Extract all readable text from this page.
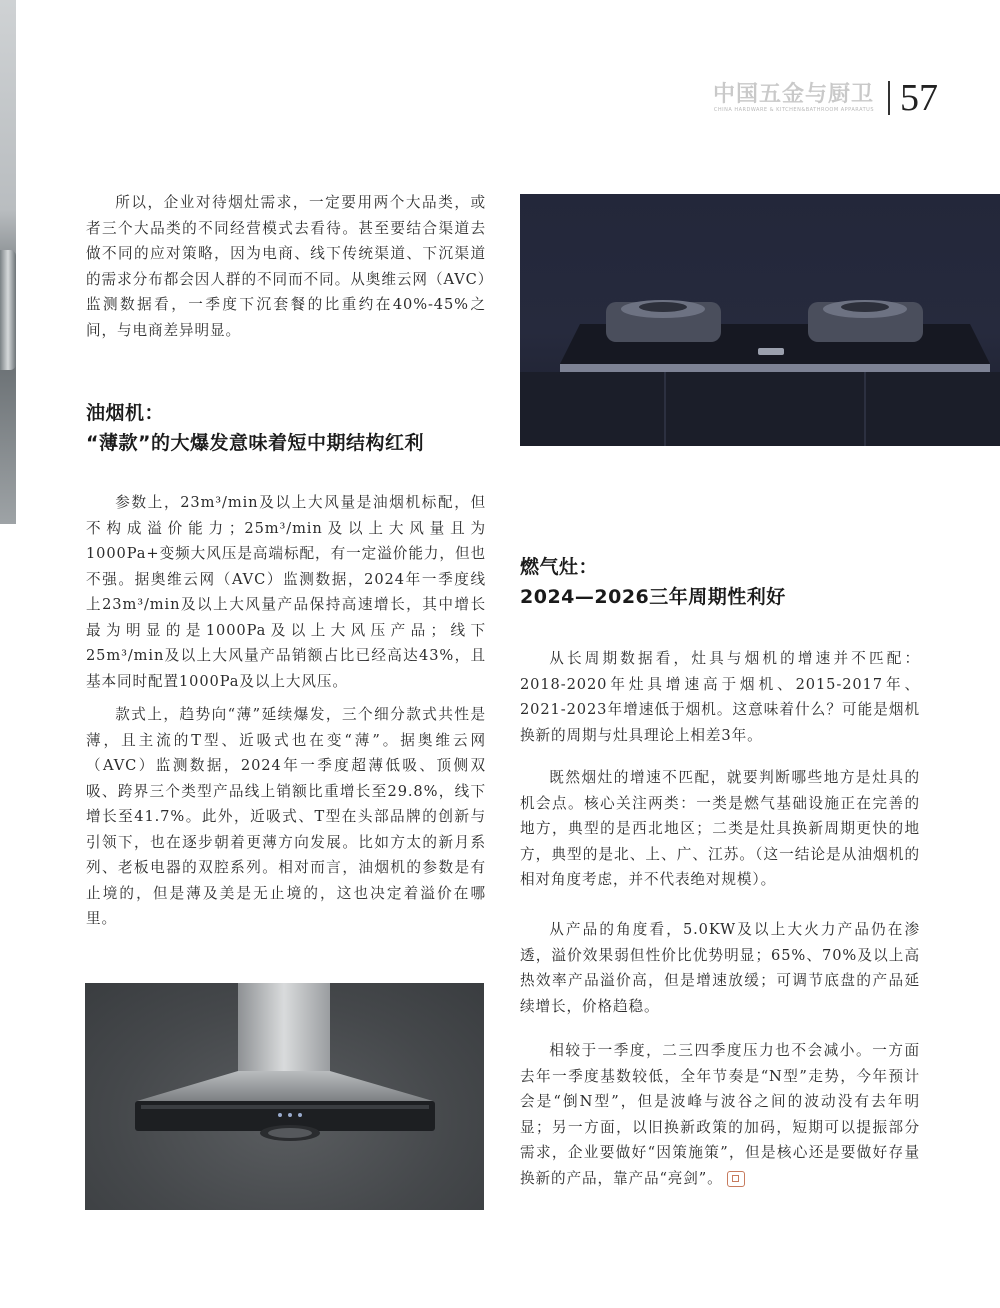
中国五金与厨卫
CHINA HARDWARE & KITCHEN&BATHROOM APPARATUS 57

所以，企业对待烟灶需求，一定要用两个大品类，或者三个大品类的不同经营模式去看待。甚至要结合渠道去做不同的应对策略，因为电商、线下传统渠道、下沉渠道的需求分布都会因人群的不同而不同。从奥维云网（AVC）监测数据看，一季度下沉套餐的比重约在40%-45%之间，与电商差异明显。

油烟机：
“薄款”的大爆发意味着短中期结构红利

参数上，23m³/min及以上大风量是油烟机标配，但不构成溢价能力；25m³/min及以上大风量且为1000Pa+变频大风压是高端标配，有一定溢价能力，但也不强。据奥维云网（AVC）监测数据，2024年一季度线上23m³/min及以上大风量产品保持高速增长，其中增长最为明显的是1000Pa及以上大风压产品；线下25m³/min及以上大风量产品销额占比已经高达43%，且基本同时配置1000Pa及以上大风压。

款式上，趋势向“薄”延续爆发，三个细分款式共性是薄，且主流的T型、近吸式也在变“薄”。据奥维云网（AVC）监测数据，2024年一季度超薄低吸、顶侧双吸、跨界三个类型产品线上销额比重增长至29.8%，线下增长至41.7%。此外，近吸式、T型在头部品牌的创新与引领下，也在逐步朝着更薄方向发展。比如方太的新月系列、老板电器的双腔系列。相对而言，油烟机的参数是有止境的，但是薄及美是无止境的，这也决定着溢价在哪里。

燃气灶：
2024—2026三年周期性利好

从长周期数据看，灶具与烟机的增速并不匹配：2018-2020年灶具增速高于烟机、2015-2017年、2021-2023年增速低于烟机。这意味着什么？可能是烟机换新的周期与灶具理论上相差3年。

既然烟灶的增速不匹配，就要判断哪些地方是灶具的机会点。核心关注两类：一类是燃气基础设施正在完善的地方，典型的是西北地区；二类是灶具换新周期更快的地方，典型的是北、上、广、江苏。（这一结论是从油烟机的相对角度考虑，并不代表绝对规模）。

从产品的角度看，5.0KW及以上大火力产品仍在渗透，溢价效果弱但性价比优势明显；65%、70%及以上高热效率产品溢价高，但是增速放缓；可调节底盘的产品延续增长，价格趋稳。

相较于一季度，二三四季度压力也不会减小。一方面去年一季度基数较低，全年节奏是“N型”走势，今年预计会是“倒N型”，但是波峰与波谷之间的波动没有去年明显；另一方面，以旧换新政策的加码，短期可以提振部分需求，企业要做好“因策施策”，但是核心还是要做好存量换新的产品，靠产品“亮剑”。
